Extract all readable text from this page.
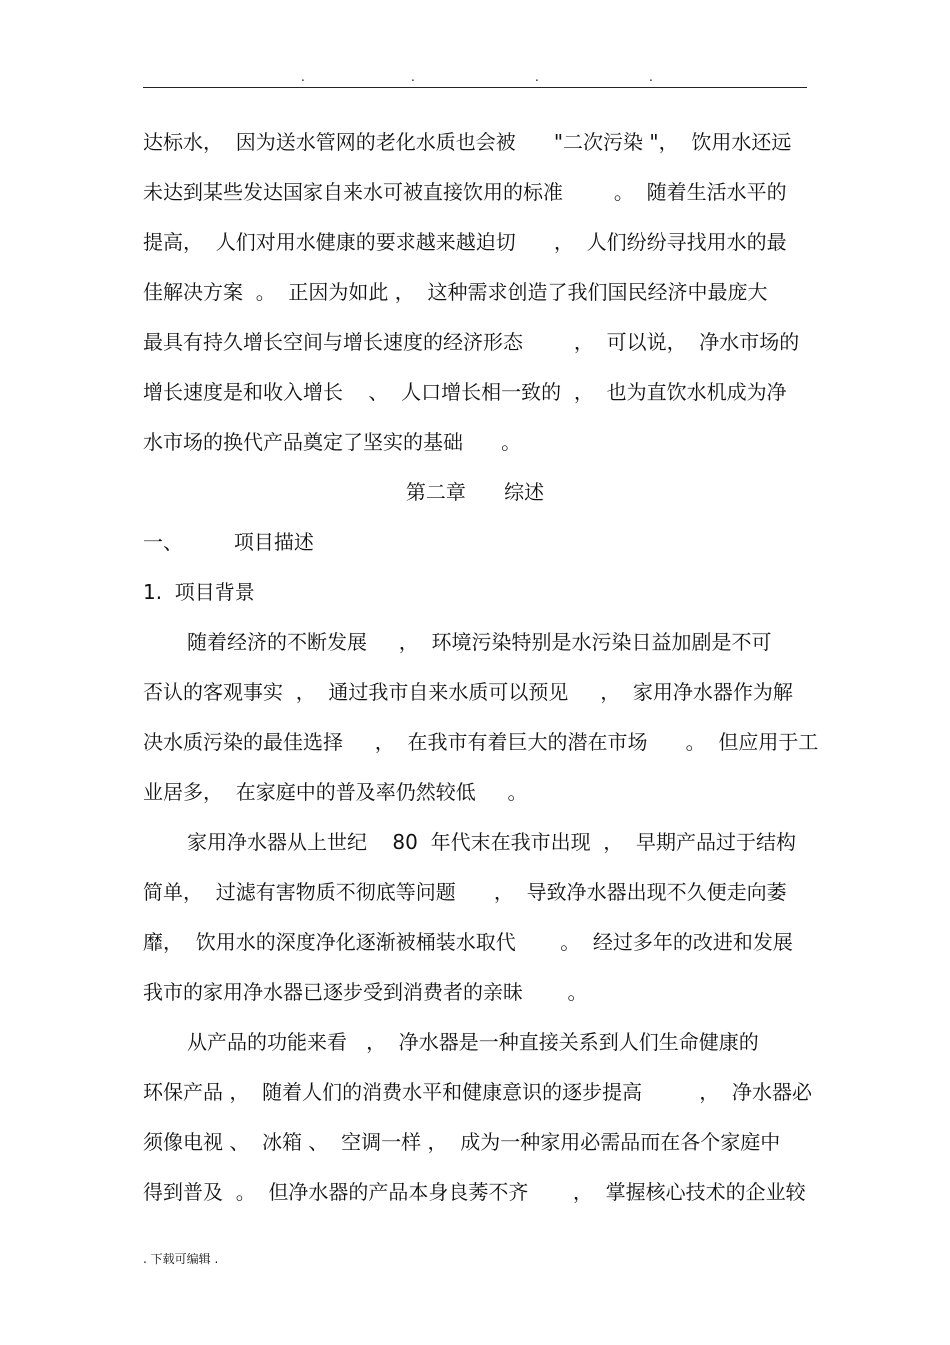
.	.	.	.
达标水，  因为送水管网的老化水质也会被      "二次污染 "，  饮用水还远
未达到某些发达国家自来水可被直接饮用的标准        。  随着生活水平的
提高，  人们对用水健康的要求越来越迫切      ，  人们纷纷寻找用水的最
佳解决方案  。  正因为如此 ，  这种需求创造了我们国民经济中最庞大
最具有持久增长空间与增长速度的经济形态        ，  可以说，  净水市场的
增长速度是和收入增长    、  人口增长相一致的  ，  也为直饮水机成为净
水市场的换代产品奠定了坚实的基础      。
第二章      综述
一、        项目描述
1.  项目背景
随着经济的不断发展     ，  环境污染特别是水污染日益加剧是不可
否认的客观事实  ，  通过我市自来水质可以预见     ，  家用净水器作为解
决水质污染的最佳选择     ，  在我市有着巨大的潜在市场      。  但应用于工
业居多，  在家庭中的普及率仍然较低     。
家用净水器从上世纪    80  年代末在我市出现  ，  早期产品过于结构
简单，  过滤有害物质不彻底等问题      ，  导致净水器出现不久便走向萎
靡，  饮用水的深度净化逐渐被桶装水取代       。  经过多年的改进和发展
我市的家用净水器已逐步受到消费者的亲昧       。
从产品的功能来看   ，  净水器是一种直接关系到人们生命健康的
环保产品 ，  随着人们的消费水平和健康意识的逐步提高         ，  净水器必
须像电视 、  冰箱 、  空调一样 ，  成为一种家用必需品而在各个家庭中
得到普及  。  但净水器的产品本身良莠不齐       ，  掌握核心技术的企业较
. 下载可编辑 .
